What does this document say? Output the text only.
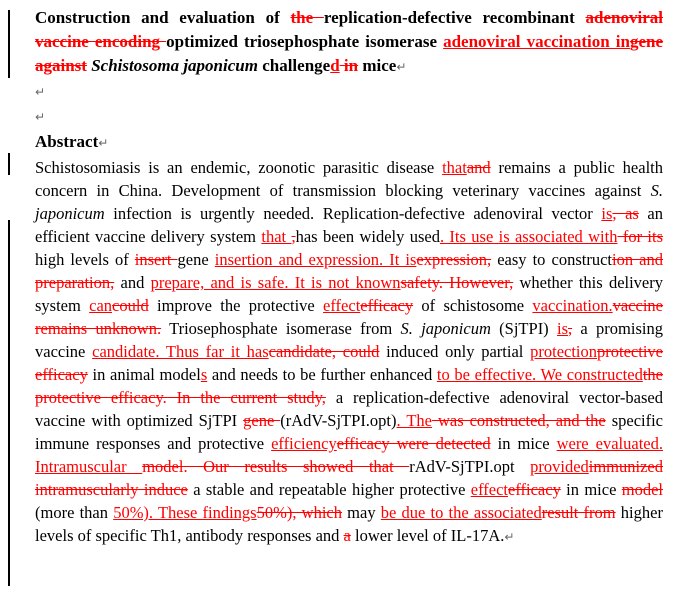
Construction and evaluation of the replication-defective recombinant adenoviral vaccine encoding optimized triosephosphate isomerase adenoviral vaccination ingene against Schistosoma japonicum challenged in mice↵

↵

↵

Abstract↵

Schistosomiasis is an endemic, zoonotic parasitic disease thatand remains a public health concern in China. Development of transmission blocking veterinary vaccines against S. japonicum infection is urgently needed. Replication-defective adenoviral vector is, as an efficient vaccine delivery system that ,has been widely used. Its use is associated with for its high levels of insert gene insertion and expression. It isexpression, easy to construction and preparation, and prepare, and is safe. It is not knownsafety. However, whether this delivery system cancould improve the protective effectefficacy of schistosome vaccination.vaccine remains unknown. Triosephosphate isomerase from S. japonicum (SjTPI) is, a promising vaccine candidate. Thus far it hascandidate, could induced only partial protectionprotective efficacy in animal models and needs to be further enhanced to be effective. We constructedthe protective efficacy. In the current study, a replication-defective adenoviral vector-based vaccine with optimized SjTPI gene (rAdV-SjTPI.opt). The was constructed, and the specific immune responses and protective efficiencyefficacy were detected in mice were evaluated. Intramuscular model. Our results showed that rAdV-SjTPI.opt providedimmunized intramuscularly induce a stable and repeatable higher protective effectefficacy in mice model (more than 50%). These findings50%), which may be due to the associatedresult from higher levels of specific Th1, antibody responses and a lower level of IL-17A.↵
